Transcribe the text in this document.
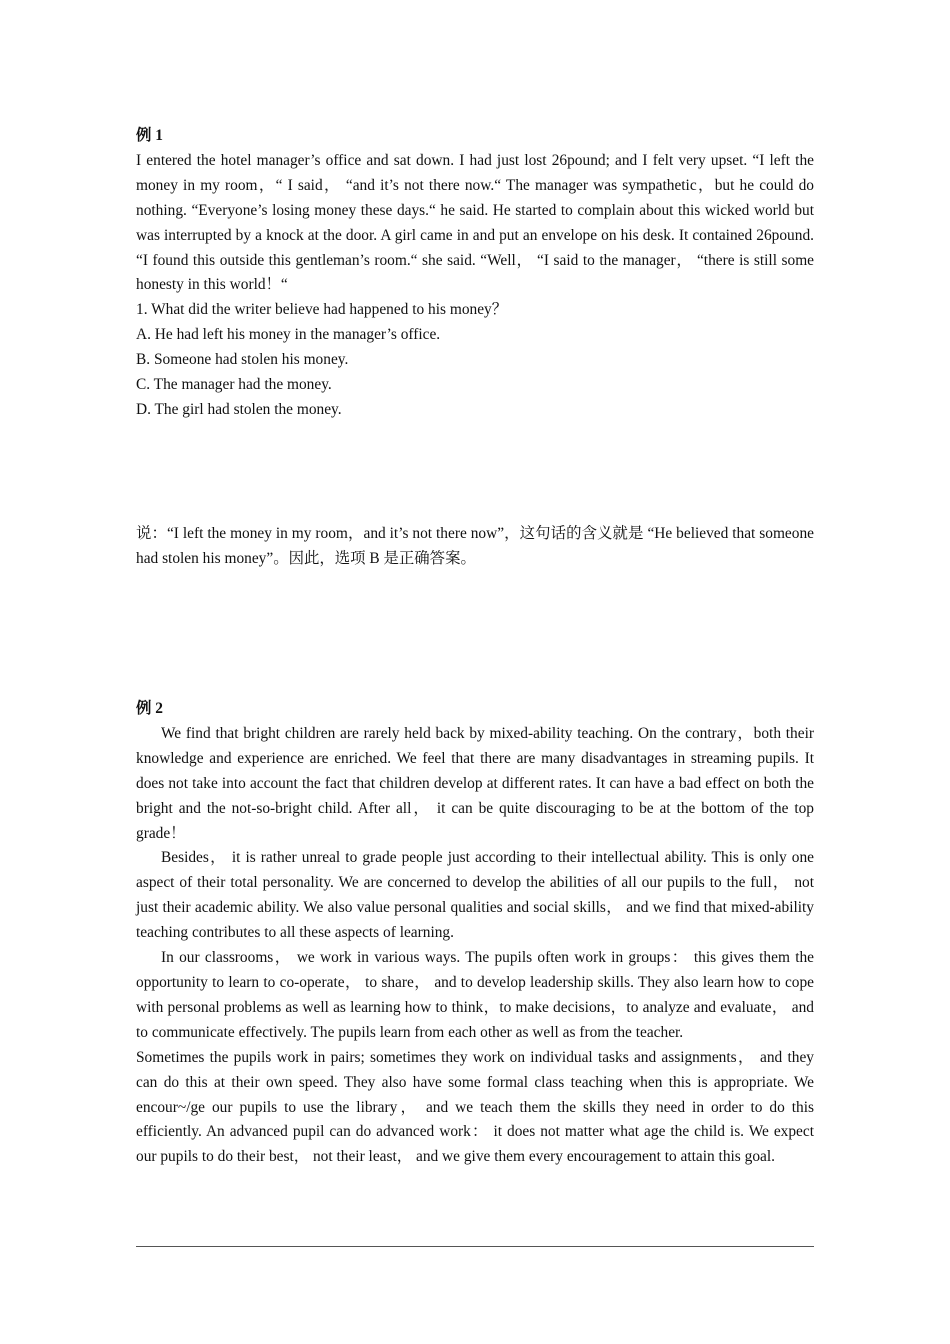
例 1

I entered the hotel manager’s office and sat down. I had just lost 26pound; and I felt very upset. “I left the money in my room，“ I said， “and it’s not there now.“ The manager was sympathetic，but he could do nothing. “Everyone’s losing money these days.“ he said. He started to complain about this wicked world but was interrupted by a knock at the door. A girl came in and put an envelope on his desk. It contained 26pound. “I found this outside this gentleman’s room.“ she said. “Well， “I said to the manager， “there is still some honesty in this world！“

1. What did the writer believe had happened to his money？
A. He had left his money in the manager’s office.
B. Someone had stolen his money.
C. The manager had the money.
D. The girl had stolen the money.

说：“I left the money in my room，and it’s not there now”，这句话的含义就是 “He believed that someone had stolen his money”。因此，选项 B 是正确答案。

例 2

We find that bright children are rarely held back by mixed-ability teaching. On the contrary，both their knowledge and experience are enriched. We feel that there are many disadvantages in streaming pupils. It does not take into account the fact that children develop at different rates. It can have a bad effect on both the bright and the not-so-bright child. After all， it can be quite discouraging to be at the bottom of the top grade！

Besides， it is rather unreal to grade people just according to their intellectual ability. This is only one aspect of their total personality. We are concerned to develop the abilities of all our pupils to the full， not just their academic ability. We also value personal qualities and social skills， and we find that mixed-ability teaching contributes to all these aspects of learning.

In our classrooms， we work in various ways. The pupils often work in groups： this gives them the opportunity to learn to co-operate， to share， and to develop leadership skills. They also learn how to cope with personal problems as well as learning how to think，to make decisions，to analyze and evaluate， and to communicate effectively. The pupils learn from each other as well as from the teacher.

Sometimes the pupils work in pairs; sometimes they work on individual tasks and assignments， and they can do this at their own speed. They also have some formal class teaching when this is appropriate. We encour~/ge our pupils to use the library， and we teach them the skills they need in order to do this efficiently. An advanced pupil can do advanced work： it does not matter what age the child is. We expect our pupils to do their best， not their least， and we give them every encouragement to attain this goal.
